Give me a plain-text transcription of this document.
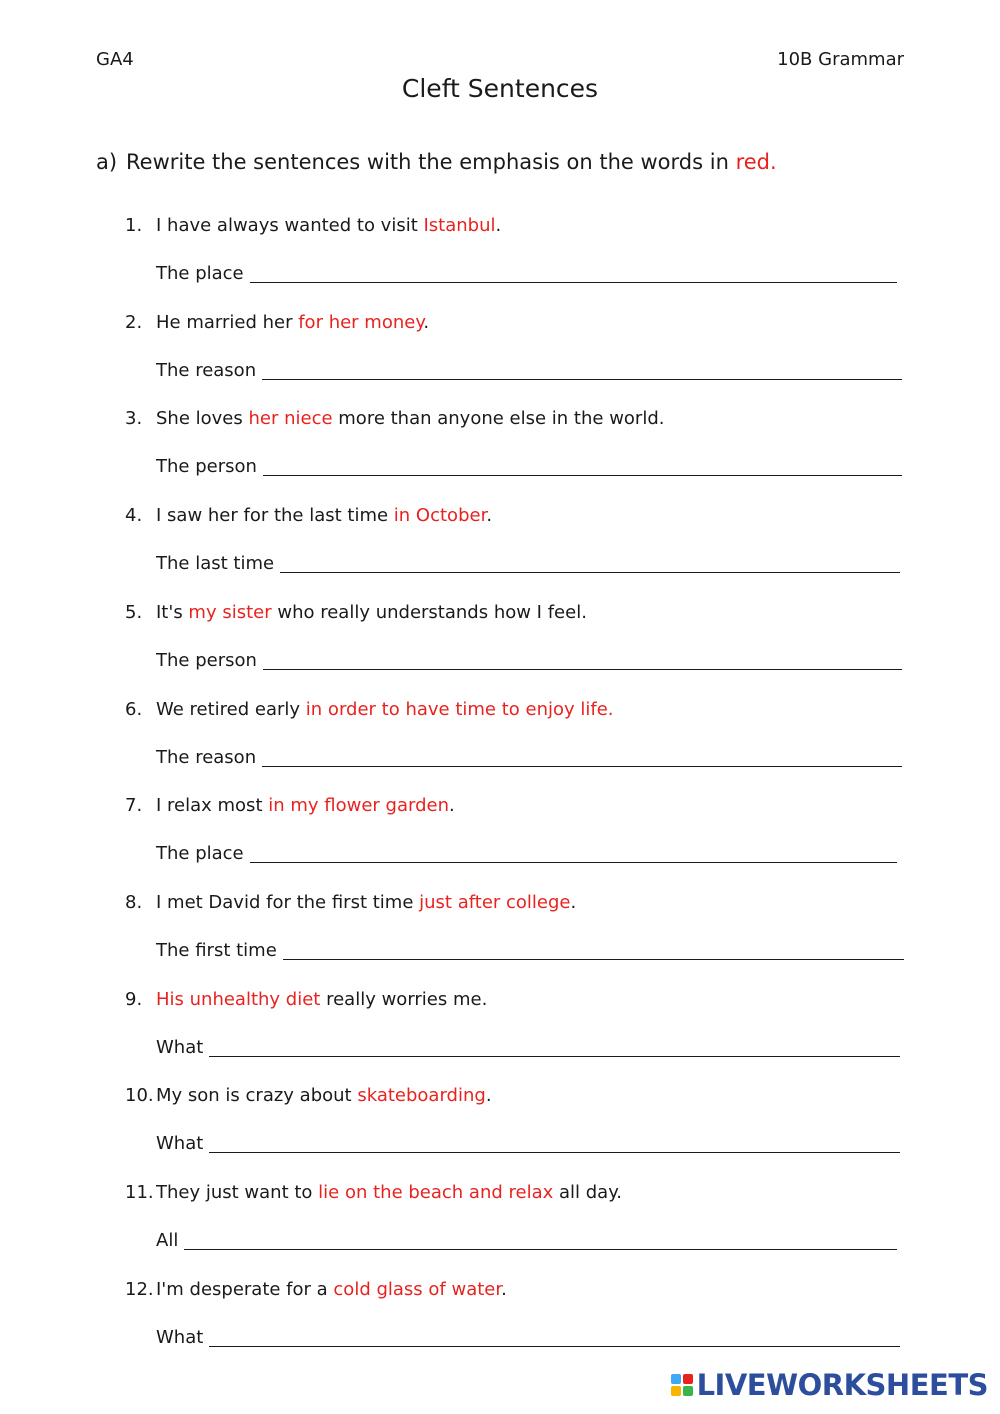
GA4	10B Grammar
Cleft Sentences
a) Rewrite the sentences with the emphasis on the words in red.
1. I have always wanted to visit Istanbul.
The place
2. He married her for her money.
The reason
3. She loves her niece more than anyone else in the world.
The person
4. I saw her for the last time in October.
The last time
5. It's my sister who really understands how I feel.
The person
6. We retired early in order to have time to enjoy life.
The reason
7. I relax most in my flower garden.
The place
8. I met David for the first time just after college.
The first time
9. His unhealthy diet really worries me.
What
10. My son is crazy about skateboarding.
What
11. They just want to lie on the beach and relax all day.
All
12. I'm desperate for a cold glass of water.
What
LIVEWORKSHEETS
